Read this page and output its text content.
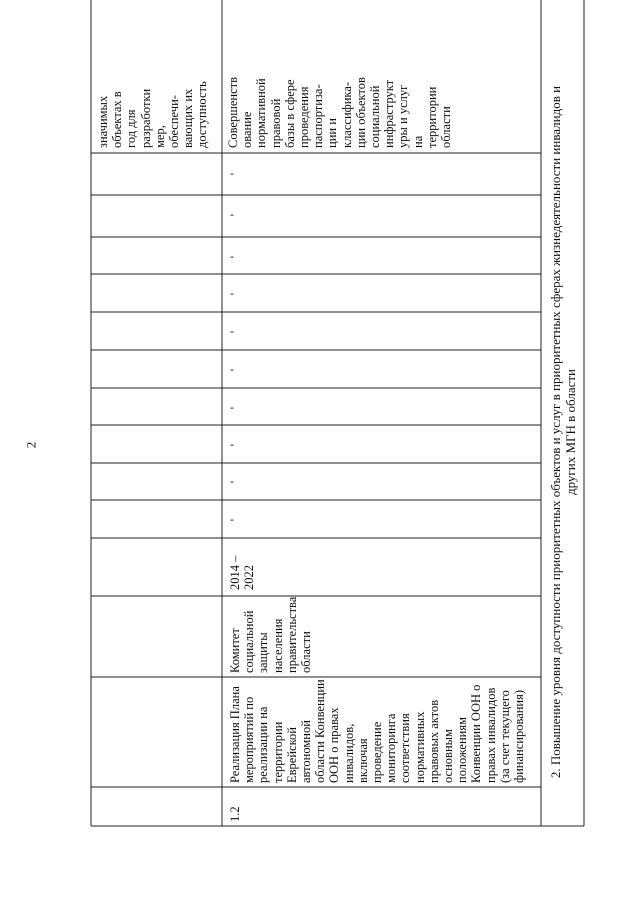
2
значимых
объектах в
год для
разработки
мер,
обеспечи-
вающих их
доступность
1.2
Реализация Плана
мероприятий по
реализации на
территории
Еврейской
автономной
области Конвенции
ООН о правах
инвалидов,
включая
проведение
мониторинга
соответствия
нормативных
правовых актов
основным
положениям
Конвенции ООН о
правах инвалидов
(за счет текущего
финансирования)
Комитет
социальной
защиты
населения
правительства
области
2014 –
2022
-
-
-
-
-
-
-
-
-
-
Совершенств
ование
нормативной
правовой
базы в сфере
проведения
паспортиза-
ции и
классифика-
ции объектов
социальной
инфраструкт
уры и услуг
на
территории
области	2. Повышение уровня доступности приоритетных объектов и услуг в приоритетных сферах жизнедеятельности инвалидов и других МГН в области
